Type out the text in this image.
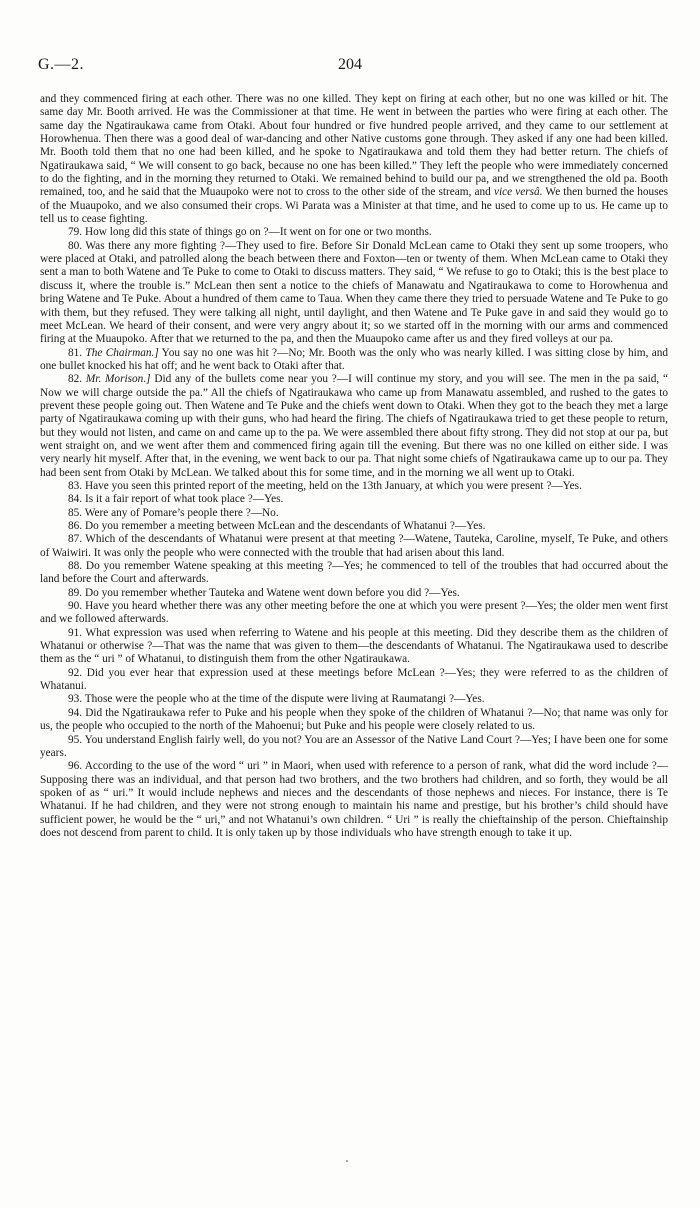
G.—2.	204

and they commenced firing at each other. There was no one killed. They kept on firing at each other, but no one was killed or hit. The same day Mr. Booth arrived. He was the Commissioner at that time. He went in between the parties who were firing at each other. The same day the Ngatiraukawa came from Otaki. About four hundred or five hundred people arrived, and they came to our settlement at Horowhenua. Then there was a good deal of war-dancing and other Native customs gone through. They asked if any one had been killed. Mr. Booth told them that no one had been killed, and he spoke to Ngatiraukawa and told them they had better return. The chiefs of Ngatiraukawa said, “ We will consent to go back, because no one has been killed.” They left the people who were immediately concerned to do the fighting, and in the morning they returned to Otaki. We remained behind to build our pa, and we strengthened the old pa. Booth remained, too, and he said that the Muaupoko were not to cross to the other side of the stream, and vice versâ. We then burned the houses of the Muaupoko, and we also consumed their crops. Wi Parata was a Minister at that time, and he used to come up to us. He came up to tell us to cease fighting.

79. How long did this state of things go on ?—It went on for one or two months.

80. Was there any more fighting ?—They used to fire. Before Sir Donald McLean came to Otaki they sent up some troopers, who were placed at Otaki, and patrolled along the beach between there and Foxton—ten or twenty of them. When McLean came to Otaki they sent a man to both Watene and Te Puke to come to Otaki to discuss matters. They said, “ We refuse to go to Otaki; this is the best place to discuss it, where the trouble is.” McLean then sent a notice to the chiefs of Manawatu and Ngatiraukawa to come to Horowhenua and bring Watene and Te Puke. About a hundred of them came to Taua. When they came there they tried to persuade Watene and Te Puke to go with them, but they refused. They were talking all night, until daylight, and then Watene and Te Puke gave in and said they would go to meet McLean. We heard of their consent, and were very angry about it; so we started off in the morning with our arms and commenced firing at the Muaupoko. After that we returned to the pa, and then the Muaupoko came after us and they fired volleys at our pa.

81. The Chairman.] You say no one was hit ?—No; Mr. Booth was the only who was nearly killed. I was sitting close by him, and one bullet knocked his hat off; and he went back to Otaki after that.

82. Mr. Morison.] Did any of the bullets come near you ?—I will continue my story, and you will see. The men in the pa said, “ Now we will charge outside the pa.” All the chiefs of Ngatiraukawa who came up from Manawatu assembled, and rushed to the gates to prevent these people going out. Then Watene and Te Puke and the chiefs went down to Otaki. When they got to the beach they met a large party of Ngatiraukawa coming up with their guns, who had heard the firing. The chiefs of Ngatiraukawa tried to get these people to return, but they would not listen, and came on and came up to the pa. We were assembled there about fifty strong. They did not stop at our pa, but went straight on, and we went after them and commenced firing again till the evening. But there was no one killed on either side. I was very nearly hit myself. After that, in the evening, we went back to our pa. That night some chiefs of Ngatiraukawa came up to our pa. They had been sent from Otaki by McLean. We talked about this for some time, and in the morning we all went up to Otaki.

83. Have you seen this printed report of the meeting, held on the 13th January, at which you were present ?—Yes.

84. Is it a fair report of what took place ?—Yes.

85. Were any of Pomare’s people there ?—No.

86. Do you remember a meeting between McLean and the descendants of Whatanui ?—Yes.

87. Which of the descendants of Whatanui were present at that meeting ?—Watene, Tauteka, Caroline, myself, Te Puke, and others of Waiwiri. It was only the people who were connected with the trouble that had arisen about this land.

88. Do you remember Watene speaking at this meeting ?—Yes; he commenced to tell of the troubles that had occurred about the land before the Court and afterwards.

89. Do you remember whether Tauteka and Watene went down before you did ?—Yes.

90. Have you heard whether there was any other meeting before the one at which you were present ?—Yes; the older men went first and we followed afterwards.

91. What expression was used when referring to Watene and his people at this meeting. Did they describe them as the children of Whatanui or otherwise ?—That was the name that was given to them—the descendants of Whatanui. The Ngatiraukawa used to describe them as the “ uri ” of Whatanui, to distinguish them from the other Ngatiraukawa.

92. Did you ever hear that expression used at these meetings before McLean ?—Yes; they were referred to as the children of Whatanui.

93. Those were the people who at the time of the dispute were living at Raumatangi ?—Yes.

94. Did the Ngatiraukawa refer to Puke and his people when they spoke of the children of Whatanui ?—No; that name was only for us, the people who occupied to the north of the Mahoenui; but Puke and his people were closely related to us.

95. You understand English fairly well, do you not? You are an Assessor of the Native Land Court ?—Yes; I have been one for some years.

96. According to the use of the word “ uri ” in Maori, when used with reference to a person of rank, what did the word include ?—Supposing there was an individual, and that person had two brothers, and the two brothers had children, and so forth, they would be all spoken of as “ uri.” It would include nephews and nieces and the descendants of those nephews and nieces. For instance, there is Te Whatanui. If he had children, and they were not strong enough to maintain his name and prestige, but his brother’s child should have sufficient power, he would be the “ uri,” and not Whatanui’s own children. “ Uri ” is really the chieftainship of the person. Chieftainship does not descend from parent to child. It is only taken up by those individuals who have strength enough to take it up.
